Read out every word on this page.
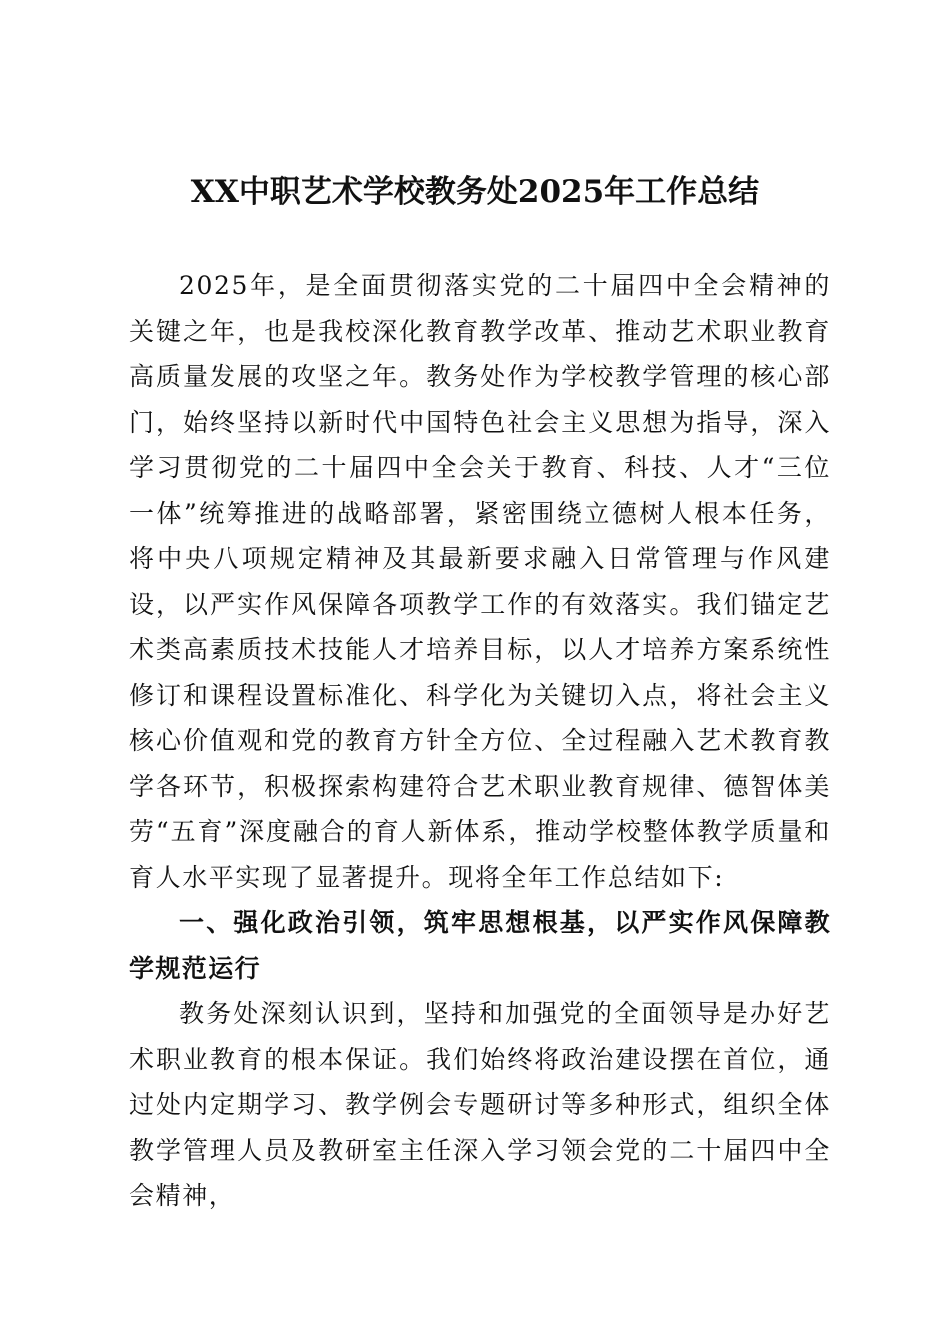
XX中职艺术学校教务处2025年工作总结

2025年，是全面贯彻落实党的二十届四中全会精神的关键之年，也是我校深化教育教学改革、推动艺术职业教育高质量发展的攻坚之年。教务处作为学校教学管理的核心部门，始终坚持以新时代中国特色社会主义思想为指导，深入学习贯彻党的二十届四中全会关于教育、科技、人才“三位一体”统筹推进的战略部署，紧密围绕立德树人根本任务，将中央八项规定精神及其最新要求融入日常管理与作风建设，以严实作风保障各项教学工作的有效落实。我们锚定艺术类高素质技术技能人才培养目标，以人才培养方案系统性修订和课程设置标准化、科学化为关键切入点，将社会主义核心价值观和党的教育方针全方位、全过程融入艺术教育教学各环节，积极探索构建符合艺术职业教育规律、德智体美劳“五育”深度融合的育人新体系，推动学校整体教学质量和育人水平实现了显著提升。现将全年工作总结如下:

一、强化政治引领，筑牢思想根基，以严实作风保障教学规范运行

教务处深刻认识到，坚持和加强党的全面领导是办好艺术职业教育的根本保证。我们始终将政治建设摆在首位，通过处内定期学习、教学例会专题研讨等多种形式，组织全体教学管理人员及教研室主任深入学习领会党的二十届四中全会精神，
